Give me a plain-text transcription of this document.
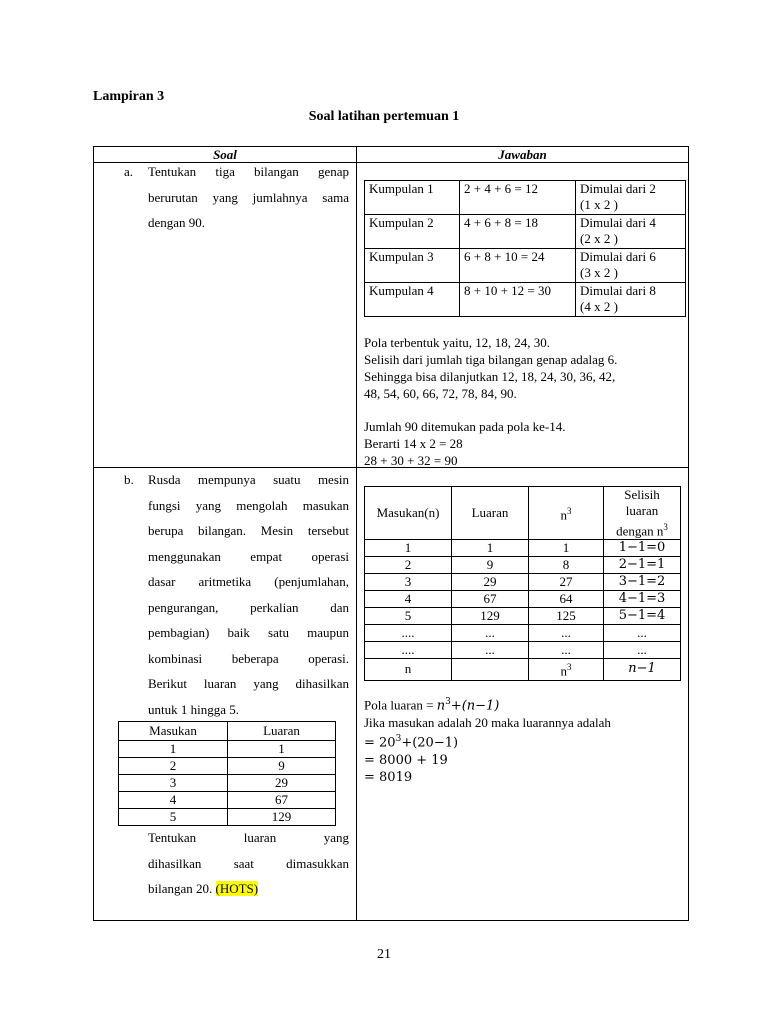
Lampiran 3
Soal latihan pertemuan 1
Soal	Jawaban
a. Tentukan tiga bilangan genap
berurutan yang jumlahnya sama
dengan 90.
Kumpulan 1	2 + 4 + 6 = 12	Dimulai dari 2
(1 x 2 )

Kumpulan 2	4 + 6 + 8 = 18	Dimulai dari 4
(2 x 2 )

Kumpulan 3	6 + 8 + 10 = 24	Dimulai dari 6
(3 x 2 )

Kumpulan 4	8 + 10 + 12 = 30	Dimulai dari 8
(4 x 2 )
Pola terbentuk yaitu, 12, 18, 24, 30.
Selisih dari jumlah tiga bilangan genap adalag 6.
Sehingga bisa dilanjutkan 12, 18, 24, 30, 36, 42,
48, 54, 60, 66, 72, 78, 84, 90.
Jumlah 90 ditemukan pada pola ke-14.
Berarti 14 x 2 = 28
28 + 30 + 32 = 90
b. Rusda mempunya suatu mesin
fungsi yang mengolah masukan
berupa bilangan. Mesin tersebut
menggunakan empat operasi
dasar aritmetika (penjumlahan,
pengurangan, perkalian dan
pembagian) baik satu maupun
kombinasi beberapa operasi.
Berikut luaran yang dihasilkan
untuk 1 hingga 5.
Masukan	Luaran
1	1
2	9
3	29
4	67
5	129
Tentukan luaran yang
dihasilkan saat dimasukkan
bilangan 20. (HOTS)
Masukan(n)	Luaran	$n^3$	Selisih
luaran
dengan $n^3$

1	1	1	1−1=0
2	9	8	2−1=1
3	29	27	3−1=2
4	67	64	4−1=3
5	129	125	5−1=4
....	...	...	...
....	...	...	...
n		$n^3$	n−1
Pola luaran = $n^3+(n-1)$
Jika masukan adalah 20 maka luarannya adalah
= $20^3+(20-1)$
= 8000 + 19
= 8019
21
